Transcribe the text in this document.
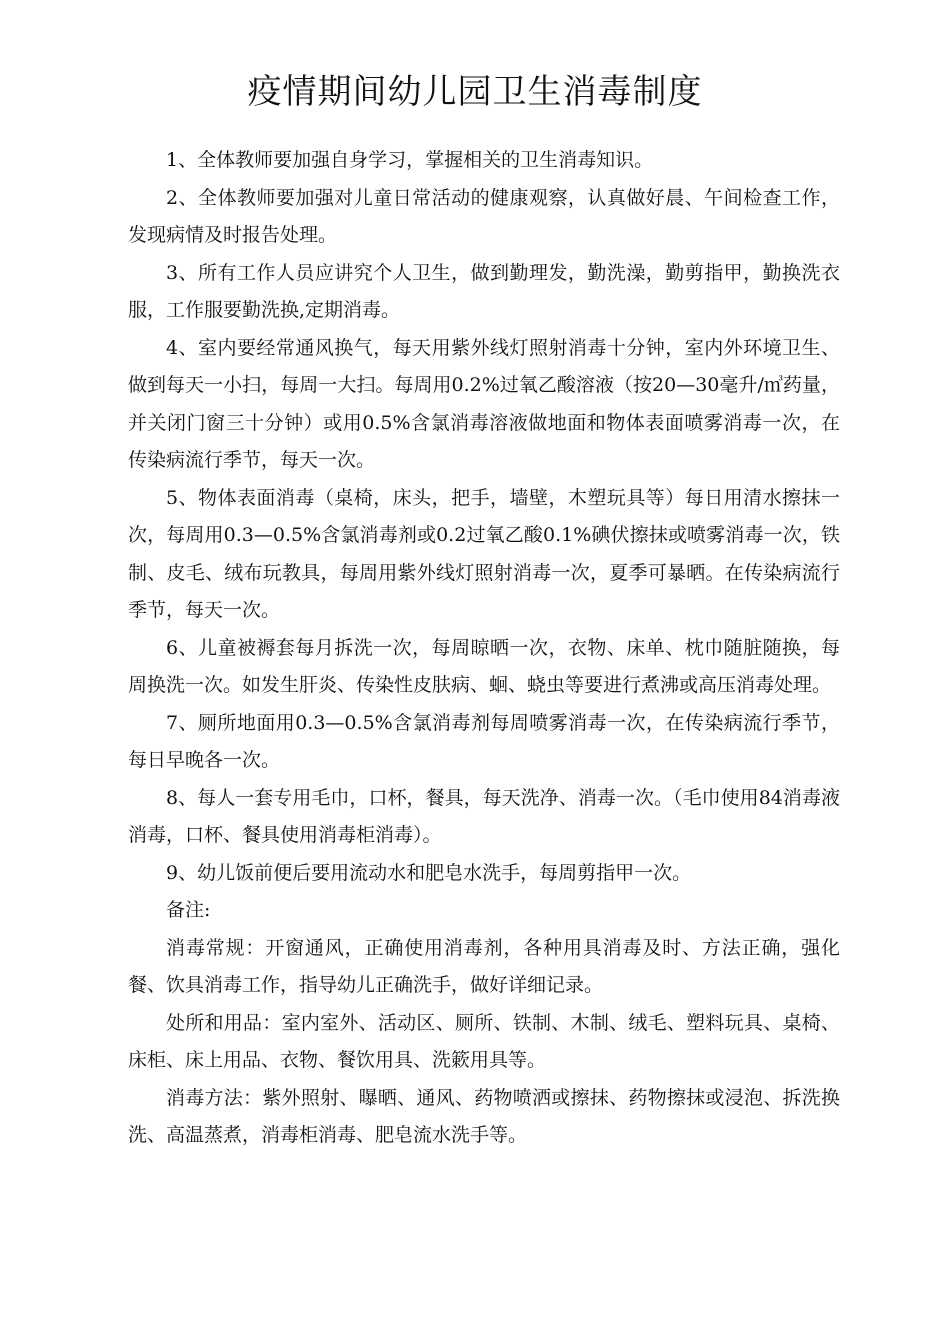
疫情期间幼儿园卫生消毒制度

1、全体教师要加强自身学习，掌握相关的卫生消毒知识。

2、全体教师要加强对儿童日常活动的健康观察，认真做好晨、午间检查工作，发现病情及时报告处理。

3、所有工作人员应讲究个人卫生，做到勤理发，勤洗澡，勤剪指甲，勤换洗衣服，工作服要勤洗换,定期消毒。

4、室内要经常通风换气，每天用紫外线灯照射消毒十分钟，室内外环境卫生、做到每天一小扫，每周一大扫。每周用0.2%过氧乙酸溶液（按20—30毫升/㎥药量，并关闭门窗三十分钟）或用0.5%含氯消毒溶液做地面和物体表面喷雾消毒一次，在传染病流行季节，每天一次。

5、物体表面消毒（桌椅，床头，把手，墙壁，木塑玩具等）每日用清水擦抹一次，每周用0.3—0.5%含氯消毒剂或0.2过氧乙酸0.1%碘伏擦抹或喷雾消毒一次，铁制、皮毛、绒布玩教具，每周用紫外线灯照射消毒一次，夏季可暴晒。在传染病流行季节，每天一次。

6、儿童被褥套每月拆洗一次，每周晾晒一次，衣物、床单、枕巾随脏随换，每周换洗一次。如发生肝炎、传染性皮肤病、蛔、蛲虫等要进行煮沸或高压消毒处理。

7、厕所地面用0.3—0.5%含氯消毒剂每周喷雾消毒一次，在传染病流行季节，每日早晚各一次。

8、每人一套专用毛巾，口杯，餐具，每天洗净、消毒一次。（毛巾使用84消毒液消毒，口杯、餐具使用消毒柜消毒）。

9、幼儿饭前便后要用流动水和肥皂水洗手，每周剪指甲一次。

备注:

消毒常规：开窗通风，正确使用消毒剂，各种用具消毒及时、方法正确，强化餐、饮具消毒工作，指导幼儿正确洗手，做好详细记录。

处所和用品：室内室外、活动区、厕所、铁制、木制、绒毛、塑料玩具、桌椅、床柜、床上用品、衣物、餐饮用具、洗簌用具等。

消毒方法：紫外照射、曝晒、通风、药物喷洒或擦抹、药物擦抹或浸泡、拆洗换洗、高温蒸煮，消毒柜消毒、肥皂流水洗手等。
